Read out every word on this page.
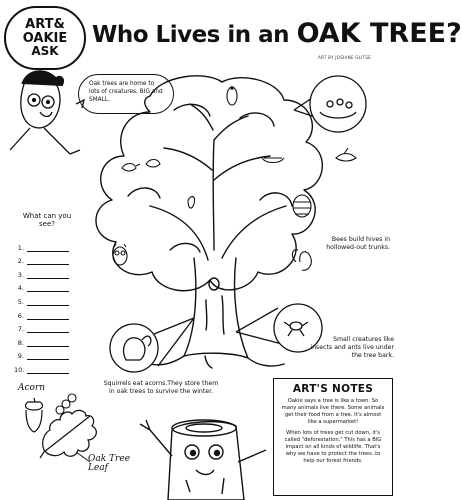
ART&
OAKIE
ASK
Who Lives in an OAK TREE?
ART BY JOSIANE GLITSE
Oak trees are home to lots of creatures, BIG and SMALL.
What can you see?
1.
2.
3.
4.
5.
6.
7.
8.
9.
10.
Bees build hives in hollowed-out trunks.
Small creatures like insects and ants live under the tree bark.
Squirrels eat acorns.They store them in oak trees to survive the winter.
Acorn
Oak Tree Leaf
ART'S NOTES

Oakie says a tree is like a town. So many animals live there. Some animals get their food from a tree. It's almost like a supermarket!

When lots of trees get cut down, it's called "deforestation." This has a BIG impact on all kinds of wildlife. That's why we have to protect the trees..to help our forest friends.
